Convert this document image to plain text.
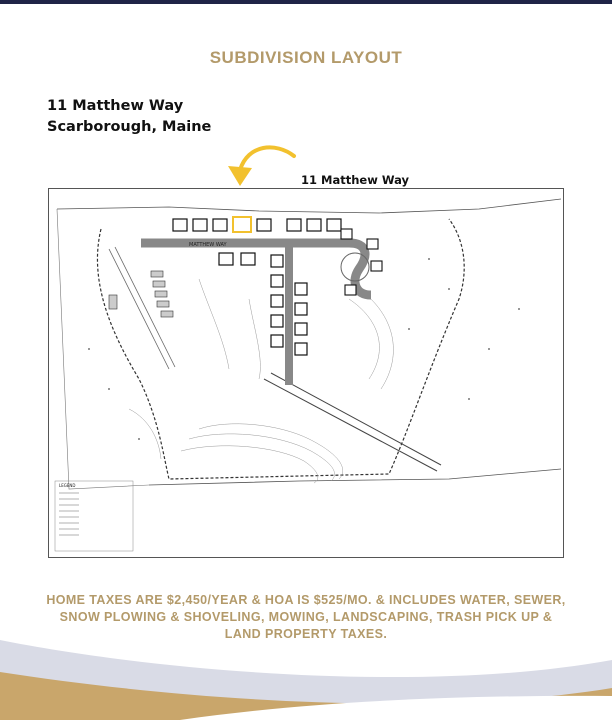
SUBDIVISION LAYOUT
11 Matthew Way
Scarborough, Maine
11 Matthew Way
MATTHEW WAY
LEGEND
HOME TAXES ARE $2,450/YEAR & HOA IS $525/MO. & INCLUDES WATER, SEWER, SNOW PLOWING & SHOVELING, MOWING, LANDSCAPING, TRASH PICK UP & LAND PROPERTY TAXES.
